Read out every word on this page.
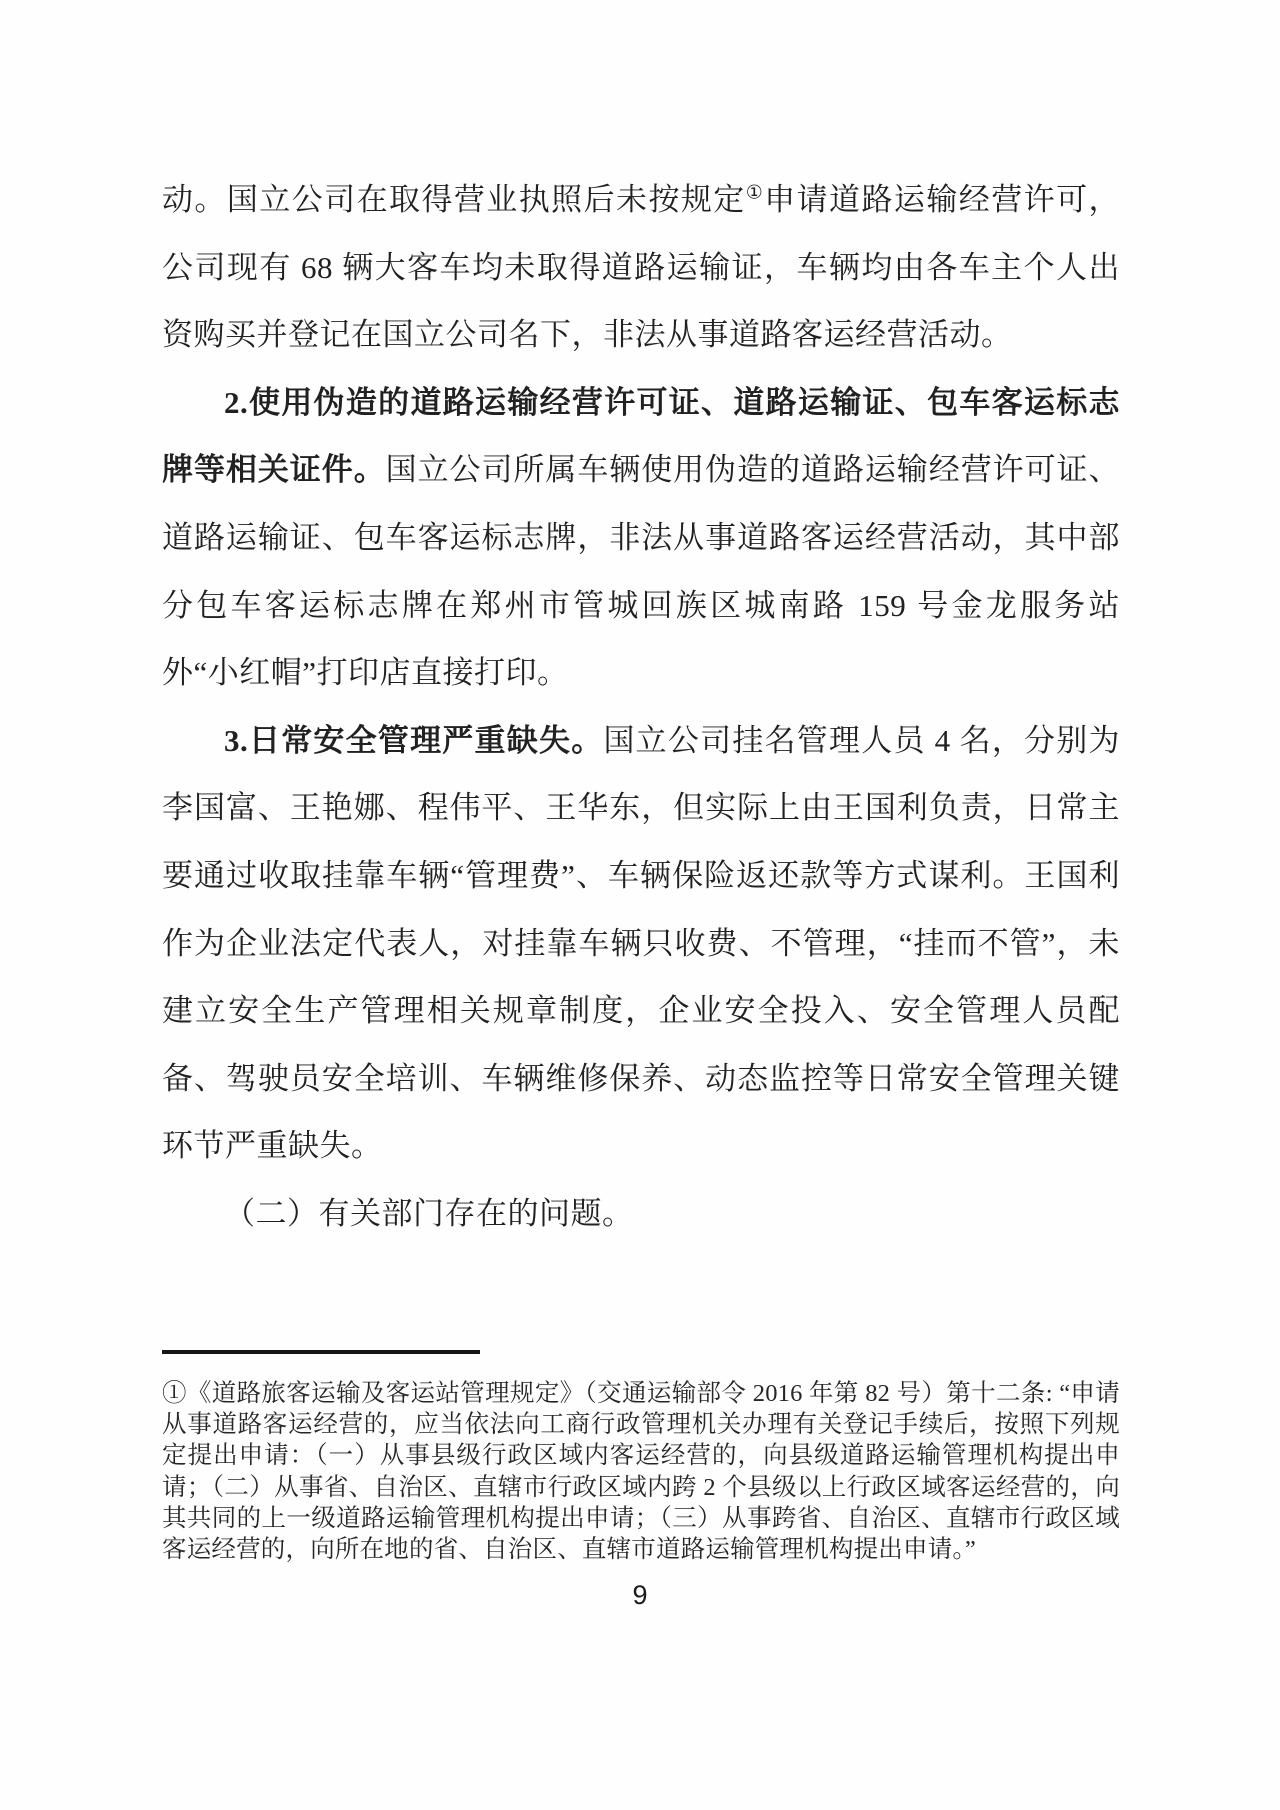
动。国立公司在取得营业执照后未按规定①申请道路运输经营许可，公司现有 68 辆大客车均未取得道路运输证，车辆均由各车主个人出资购买并登记在国立公司名下，非法从事道路客运经营活动。

2.使用伪造的道路运输经营许可证、道路运输证、包车客运标志牌等相关证件。国立公司所属车辆使用伪造的道路运输经营许可证、道路运输证、包车客运标志牌，非法从事道路客运经营活动，其中部分包车客运标志牌在郑州市管城回族区城南路 159 号金龙服务站外“小红帽”打印店直接打印。

3.日常安全管理严重缺失。国立公司挂名管理人员 4 名，分别为李国富、王艳娜、程伟平、王华东，但实际上由王国利负责，日常主要通过收取挂靠车辆“管理费”、车辆保险返还款等方式谋利。王国利作为企业法定代表人，对挂靠车辆只收费、不管理，“挂而不管”，未建立安全生产管理相关规章制度，企业安全投入、安全管理人员配备、驾驶员安全培训、车辆维修保养、动态监控等日常安全管理关键环节严重缺失。

（二）有关部门存在的问题。

①《道路旅客运输及客运站管理规定》（交通运输部令 2016 年第 82 号）第十二条: “申请从事道路客运经营的，应当依法向工商行政管理机关办理有关登记手续后，按照下列规定提出申请：（一）从事县级行政区域内客运经营的，向县级道路运输管理机构提出申请；（二）从事省、自治区、直辖市行政区域内跨 2 个县级以上行政区域客运经营的，向其共同的上一级道路运输管理机构提出申请；（三）从事跨省、自治区、直辖市行政区域客运经营的，向所在地的省、自治区、直辖市道路运输管理机构提出申请。”

9
